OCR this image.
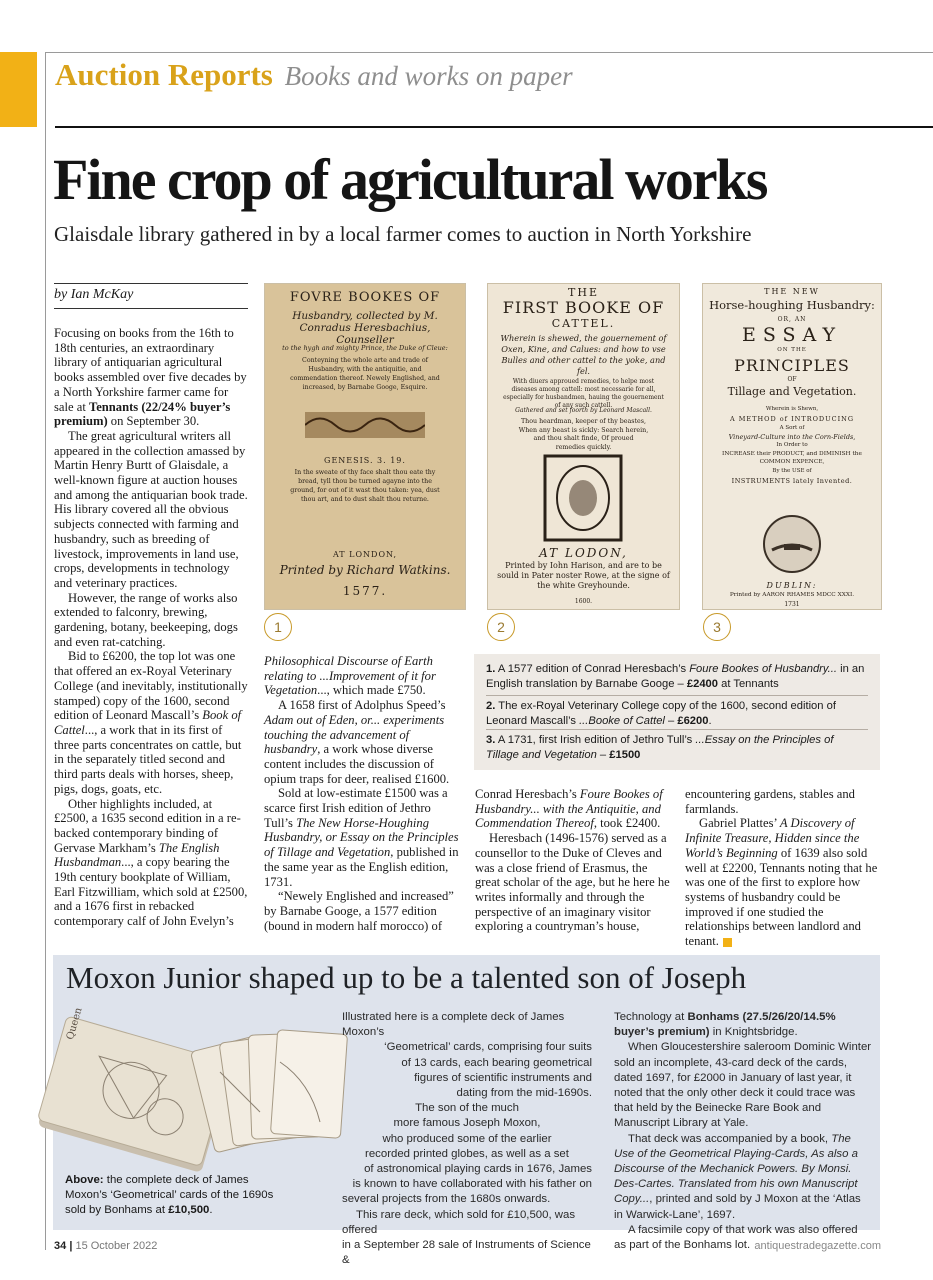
Auction Reports Books and works on paper
Fine crop of agricultural works
Glaisdale library gathered in by a local farmer comes to auction in North Yorkshire
by Ian McKay

Focusing on books from the 16th to 18th centuries, an extraordinary library of antiquarian agricultural books assembled over five decades by a North Yorkshire farmer came for sale at Tennants (22/24% buyer’s premium) on September 30.

The great agricultural writers all appeared in the collection amassed by Martin Henry Burtt of Glaisdale, a well-known figure at auction houses and among the antiquarian book trade. His library covered all the obvious subjects connected with farming and husbandry, such as breeding of livestock, improvements in land use, crops, developments in technology and veterinary practices.

However, the range of works also extended to falconry, brewing, gardening, botany, beekeeping, dogs and even rat-catching.

Bid to £6200, the top lot was one that offered an ex-Royal Veterinary College (and inevitably, institutionally stamped) copy of the 1600, second edition of Leonard Mascall’s Book of Cattel..., a work that in its first of three parts concentrates on cattle, but in the separately titled second and third parts deals with horses, sheep, pigs, dogs, goats, etc.

Other highlights included, at £2500, a 1635 second edition in a re-backed contemporary binding of Gervase Markham’s The English Husbandman..., a copy bearing the 19th century bookplate of William, Earl Fitzwilliam, which sold at £2500, and a 1676 first in rebacked contemporary calf of John Evelyn’s

Philosophical Discourse of Earth relating to ...Improvement of it for Vegetation..., which made £750.

A 1658 first of Adolphus Speed’s Adam out of Eden, or... experiments touching the advancement of husbandry, a work whose diverse content includes the discussion of opium traps for deer, realised £1600.

Sold at low-estimate £1500 was a scarce first Irish edition of Jethro Tull’s The New Horse-Houghing Husbandry, or Essay on the Principles of Tillage and Vegetation, published in the same year as the English edition, 1731.

“Newely Englished and increased” by Barnabe Googe, a 1577 edition (bound in modern half morocco) of

Conrad Heresbach’s Foure Bookes of Husbandry... with the Antiquitie, and Commendation Thereof, took £2400.

Heresbach (1496-1576) served as a counsellor to the Duke of Cleves and was a close friend of Erasmus, the great scholar of the age, but he here he writes informally and through the perspective of an imaginary visitor exploring a countryman’s house,

encountering gardens, stables and farmlands.

Gabriel Plattes’ A Discovery of Infinite Treasure, Hidden since the World’s Beginning of 1639 also sold well at £2200, Tennants noting that he was one of the first to explore how systems of husbandry could be improved if one studied the relationships between landlord and tenant.

FOVRE BOOKES OF
Husbandry, collected by M. Conradus Heresbachius, Counseller
to the hygh and mighty Prince, the Duke of Cleue:
Conteyning the whole arte and trade of Husbandry, with the antiquitie, and commendation thereof. Newely Englished, and increased, by Barnabe Googe, Esquire.
GENESIS. 3. 19.
In the sweate of thy face shalt thou eate thy bread, tyll thou be turned agayne into the ground, for out of it wast thou taken: yea, dust thou art, and to dust shalt thou returne.
AT LONDON,
Printed by Richard Watkins.
1577.
THE
FIRST BOOKE OF
CATTEL.
Wherein is shewed, the gouernement of Oxen, Kine, and Calues: and how to vse Bulles and other cattel to the yoke, and fel.
With diuers approued remedies, to helpe most diseases among cattell: most necessarie for all, especially for husbandmen, hauing the gouernement of any such cattell.
Gathered and set foorth by Leonard Mascall.
Thou heardman, keeper of thy beastes, When any beast is sickly: Search herein, and thou shalt finde, Of proued remedies quickly.
AT LODON,
Printed by Iohn Harison, and are to be sould in Pater noster Rowe, at the signe of the white Greyhounde.
1600.
THE NEW
Horse-houghing Husbandry:
OR, AN
ESSAY
ON THE
PRINCIPLES
OF
Tillage and Vegetation.
Wherein is Shewn,
A METHOD of INTRODUCING
A Sort of
Vineyard-Culture into the Corn-Fields,
In Order to
INCREASE their PRODUCT, and DIMINISH the COMMON EXPENCE,
By the USE of
INSTRUMENTS lately Invented.
DUBLIN:
Printed by AARON RHAMES MDCC XXXI.
1731
1	2	3
1. A 1577 edition of Conrad Heresbach’s Foure Bookes of Husbandry... in an English translation by Barnabe Googe – £2400 at Tennants
2. The ex-Royal Veterinary College copy of the 1600, second edition of Leonard Mascall’s ...Booke of Cattel – £6200.
3. A 1731, first Irish edition of Jethro Tull’s ...Essay on the Principles of Tillage and Vegetation – £1500
Moxon Junior shaped up to be a talented son of Joseph
Queen	Illustrated here is a complete deck of James Moxon’s
‘Geometrical’ cards, comprising four suits
of 13 cards, each bearing geometrical
figures of scientific instruments and
dating from the mid-1690s.
The son of the much
more famous Joseph Moxon,
who produced some of the earlier
recorded printed globes, as well as a set
of astronomical playing cards in 1676, James
is known to have collaborated with his father on
several projects from the 1680s onwards.
This rare deck, which sold for £10,500, was offered
in a September 28 sale of Instruments of Science &

Technology at Bonhams (27.5/26/20/14.5% buyer’s premium) in Knightsbridge.

When Gloucestershire saleroom Dominic Winter sold an incomplete, 43-card deck of the cards, dated 1697, for £2000 in January of last year, it noted that the only other deck it could trace was that held by the Beinecke Rare Book and Manuscript Library at Yale.

That deck was accompanied by a book, The Use of the Geometrical Playing-Cards, As also a Discourse of the Mechanick Powers. By Monsi. Des-Cartes. Translated from his own Manuscript Copy..., printed and sold by J Moxon at the ‘Atlas in Warwick-Lane’, 1697.

A facsimile copy of that work was also offered as part of the Bonhams lot.

Above: the complete deck of James Moxon’s ‘Geometrical’ cards of the 1690s sold by Bonhams at £10,500.
34 | 15 October 2022	antiquestradegazette.com
